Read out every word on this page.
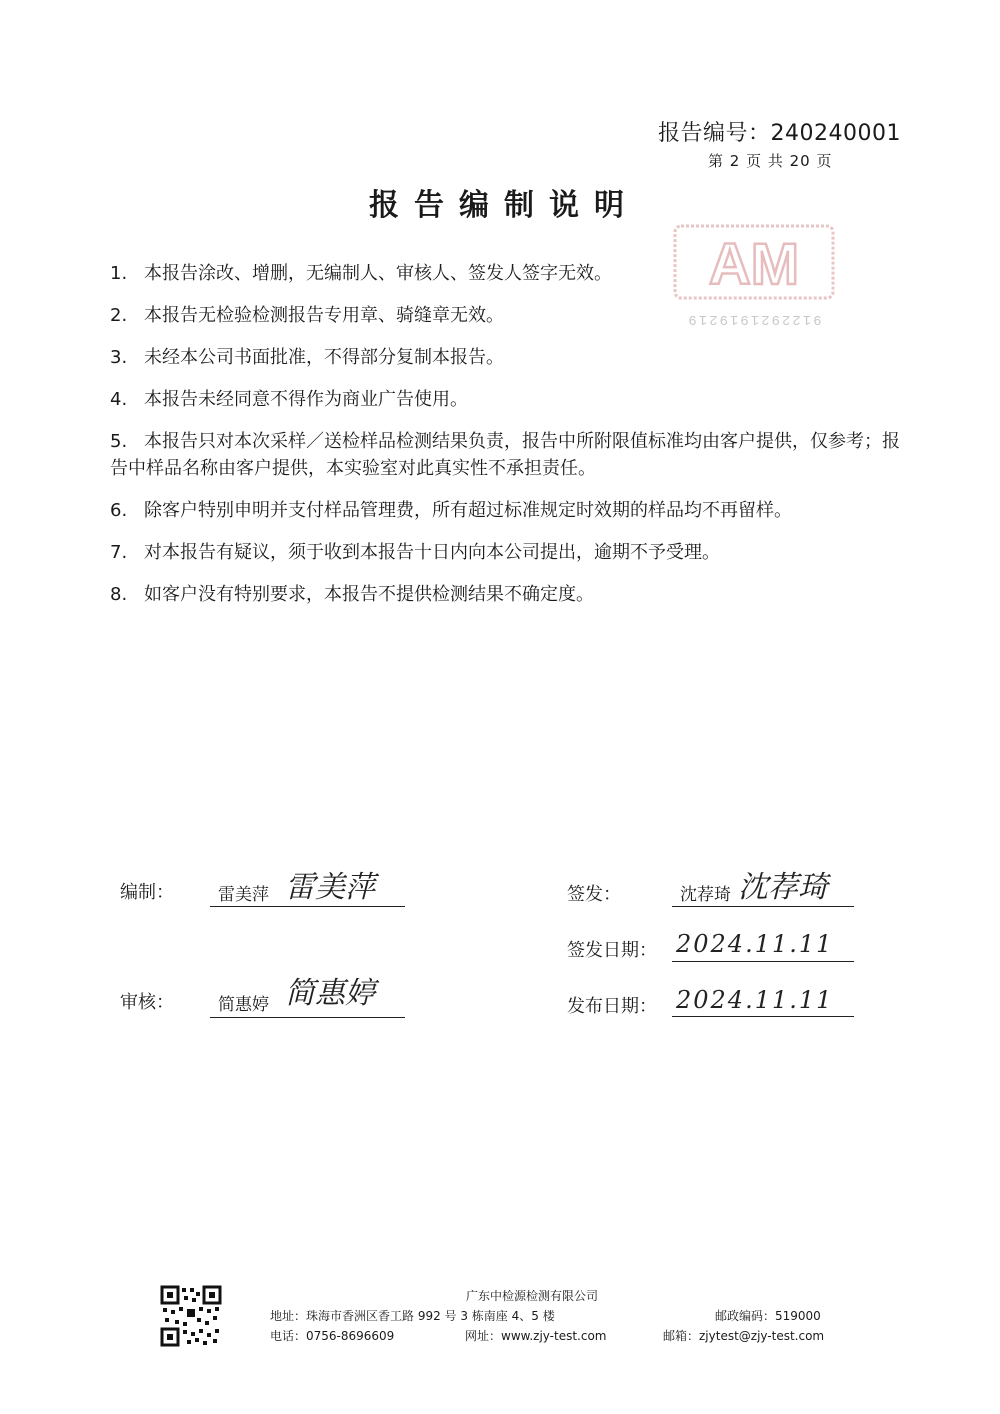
报告编号：240240001
第 2 页 共 20 页
报告编制说明
AM
9122921919219
1. 本报告涂改、增删，无编制人、审核人、签发人签字无效。
2. 本报告无检验检测报告专用章、骑缝章无效。
3. 未经本公司书面批准，不得部分复制本报告。
4. 本报告未经同意不得作为商业广告使用。
5. 本报告只对本次采样／送检样品检测结果负责，报告中所附限值标准均由客户提供，仅参考；报告中样品名称由客户提供，本实验室对此真实性不承担责任。
6. 除客户特别申明并支付样品管理费，所有超过标准规定时效期的样品均不再留样。
7. 对本报告有疑议，须于收到本报告十日内向本公司提出，逾期不予受理。
8. 如客户没有特别要求，本报告不提供检测结果不确定度。
编制：	雷美萍 雷美萍
审核：	简惠婷 简惠婷
签发：	沈荐琦 沈荐琦
签发日期： 2024.11.11
发布日期： 2024.11.11
广东中检源检测有限公司
地址：珠海市香洲区香工路 992 号 3 栋南座 4、5 楼	邮政编码：519000
电话：0756-8696609	网址：www.zjy-test.com	邮箱：zjytest@zjy-test.com
